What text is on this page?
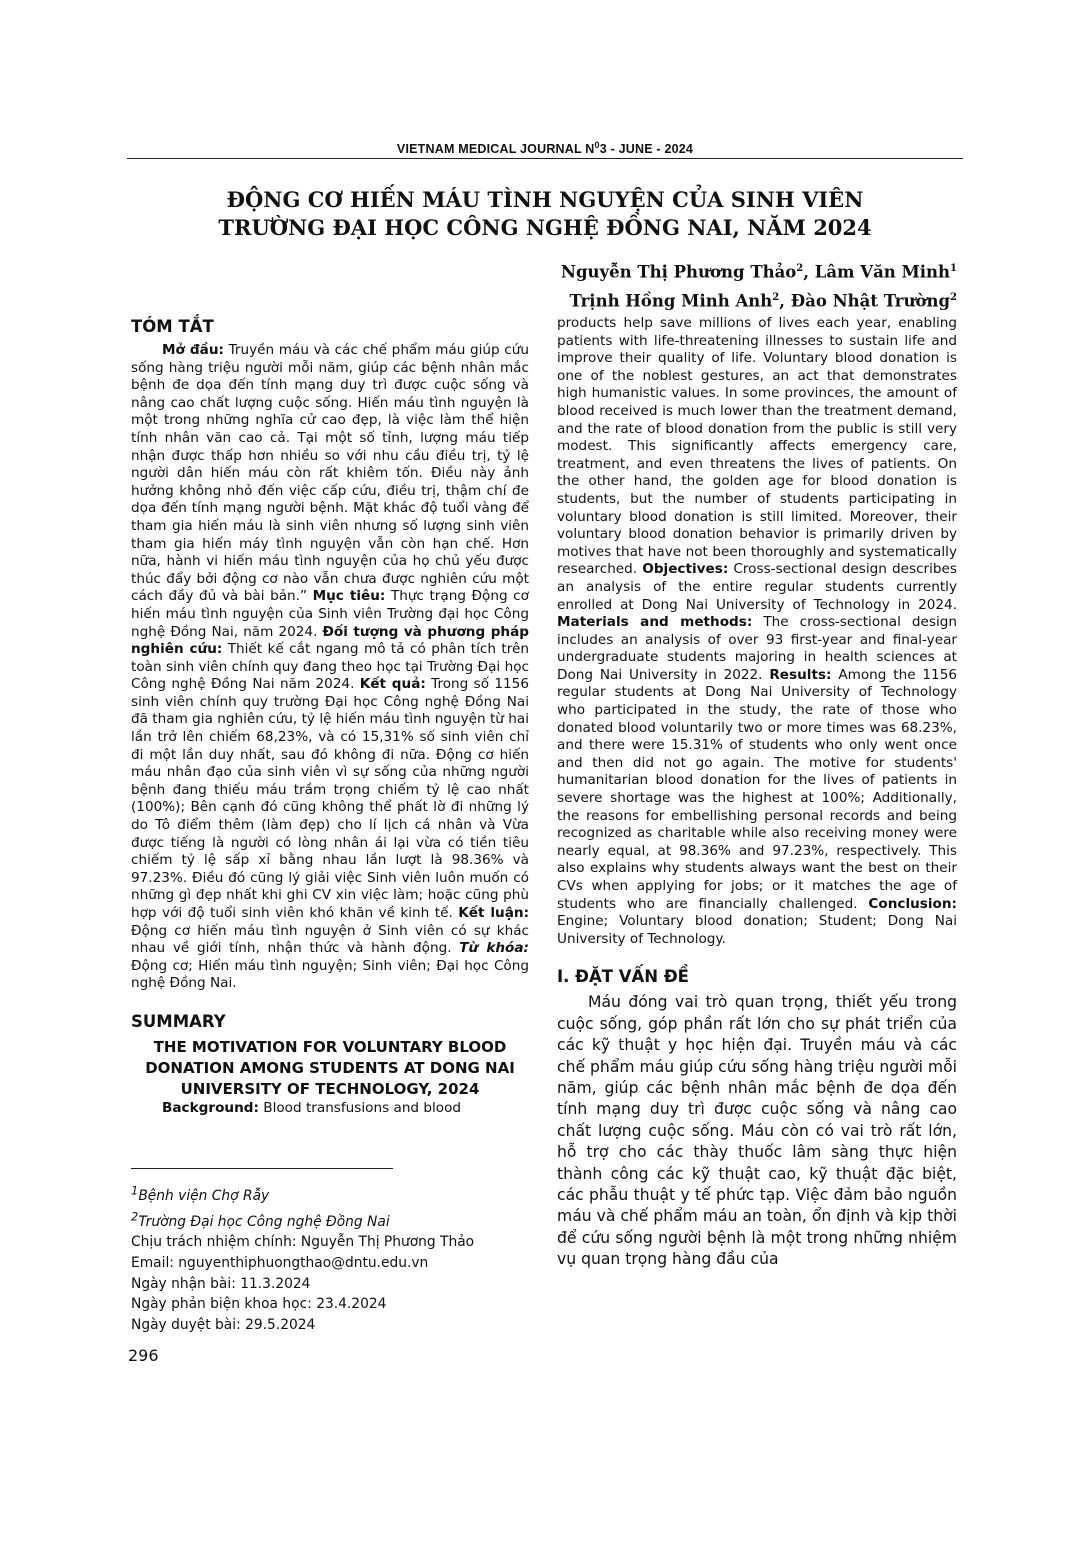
VIETNAM MEDICAL JOURNAL $N^03$ - JUNE - 2024
ĐỘNG CƠ HIẾN MÁU TÌNH NGUYỆN CỦA SINH VIÊN
TRƯỜNG ĐẠI HỌC CÔNG NGHỆ ĐỒNG NAI, NĂM 2024
Nguyễn Thị Phương Thảo$^2$, Lâm Văn Minh$^1$
Trịnh Hồng Minh Anh$^2$, Đào Nhật Trường$^2$
TÓM TẮT

Mở đầu: Truyền máu và các chế phẩm máu giúp cứu sống hàng triệu người mỗi năm, giúp các bệnh nhân mắc bệnh đe dọa đến tính mạng duy trì được cuộc sống và nâng cao chất lượng cuộc sống. Hiến máu tình nguyện là một trong những nghĩa cử cao đẹp, là việc làm thể hiện tính nhân văn cao cả. Tại một số tỉnh, lượng máu tiếp nhận được thấp hơn nhiều so với nhu cầu điều trị, tỷ lệ người dân hiến máu còn rất khiêm tốn. Điều này ảnh hưởng không nhỏ đến việc cấp cứu, điều trị, thậm chí đe dọa đến tính mạng người bệnh. Mặt khác độ tuổi vàng để tham gia hiến máu là sinh viên nhưng số lượng sinh viên tham gia hiến máy tình nguyện vẫn còn hạn chế. Hơn nữa, hành vi hiến máu tình nguyện của họ chủ yếu được thúc đẩy bởi động cơ nào vẫn chưa được nghiên cứu một cách đầy đủ và bài bản.” Mục tiêu: Thực trạng Động cơ hiến máu tình nguyện của Sinh viên Trường đại học Công nghệ Đồng Nai, năm 2024. Đối tượng và phương pháp nghiên cứu: Thiết kế cắt ngang mô tả có phân tích trên toàn sinh viên chính quy đang theo học tại Trường Đại học Công nghệ Đồng Nai năm 2024. Kết quả: Trong số 1156 sinh viên chính quy trường Đại học Công nghệ Đồng Nai đã tham gia nghiên cứu, tỷ lệ hiến máu tình nguyện từ hai lần trở lên chiếm 68,23%, và có 15,31% số sinh viên chỉ đi một lần duy nhất, sau đó không đi nữa. Động cơ hiến máu nhân đạo của sinh viên vì sự sống của những người bệnh đang thiếu máu trầm trọng chiếm tỷ lệ cao nhất (100%); Bên cạnh đó cũng không thể phất lờ đi những lý do Tô điểm thêm (làm đẹp) cho lí lịch cá nhân và Vừa được tiếng là người có lòng nhân ái lại vừa có tiền tiêu chiếm tỷ lệ sấp xỉ bằng nhau lần lượt là 98.36% và 97.23%. Điều đó cũng lý giải việc Sinh viên luôn muốn có những gì đẹp nhất khi ghi CV xin việc làm; hoặc cũng phù hợp với độ tuổi sinh viên khó khăn về kinh tế. Kết luận: Động cơ hiến máu tình nguyện ở Sinh viên có sự khác nhau về giới tính, nhận thức và hành động. Từ khóa: Động cơ; Hiến máu tình nguyện; Sinh viên; Đại học Công nghệ Đồng Nai.

SUMMARY
THE MOTIVATION FOR VOLUNTARY BLOOD DONATION AMONG STUDENTS AT DONG NAI UNIVERSITY OF TECHNOLOGY, 2024

Background: Blood transfusions and blood

$^1$Bệnh viện Chợ Rẫy
$^2$Trường Đại học Công nghệ Đồng Nai
Chịu trách nhiệm chính: Nguyễn Thị Phương Thảo
Email: nguyenthiphuongthao@dntu.edu.vn
Ngày nhận bài: 11.3.2024
Ngày phản biện khoa học: 23.4.2024
Ngày duyệt bài: 29.5.2024
296

products help save millions of lives each year, enabling patients with life-threatening illnesses to sustain life and improve their quality of life. Voluntary blood donation is one of the noblest gestures, an act that demonstrates high humanistic values. In some provinces, the amount of blood received is much lower than the treatment demand, and the rate of blood donation from the public is still very modest. This significantly affects emergency care, treatment, and even threatens the lives of patients. On the other hand, the golden age for blood donation is students, but the number of students participating in voluntary blood donation is still limited. Moreover, their voluntary blood donation behavior is primarily driven by motives that have not been thoroughly and systematically researched. Objectives: Cross-sectional design describes an analysis of the entire regular students currently enrolled at Dong Nai University of Technology in 2024. Materials and methods: The cross-sectional design includes an analysis of over 93 first-year and final-year undergraduate students majoring in health sciences at Dong Nai University in 2022. Results: Among the 1156 regular students at Dong Nai University of Technology who participated in the study, the rate of those who donated blood voluntarily two or more times was 68.23%, and there were 15.31% of students who only went once and then did not go again. The motive for students' humanitarian blood donation for the lives of patients in severe shortage was the highest at 100%; Additionally, the reasons for embellishing personal records and being recognized as charitable while also receiving money were nearly equal, at 98.36% and 97.23%, respectively. This also explains why students always want the best on their CVs when applying for jobs; or it matches the age of students who are financially challenged. Conclusion: Engine; Voluntary blood donation; Student; Dong Nai University of Technology.

I. ĐẶT VẤN ĐỀ

Máu đóng vai trò quan trọng, thiết yếu trong cuộc sống, góp phần rất lớn cho sự phát triển của các kỹ thuật y học hiện đại. Truyền máu và các chế phẩm máu giúp cứu sống hàng triệu người mỗi năm, giúp các bệnh nhân mắc bệnh đe dọa đến tính mạng duy trì được cuộc sống và nâng cao chất lượng cuộc sống. Máu còn có vai trò rất lớn, hỗ trợ cho các thày thuốc lâm sàng thực hiện thành công các kỹ thuật cao, kỹ thuật đặc biệt, các phẫu thuật y tế phức tạp. Việc đảm bảo nguồn máu và chế phẩm máu an toàn, ổn định và kịp thời để cứu sống người bệnh là một trong những nhiệm vụ quan trọng hàng đầu của
